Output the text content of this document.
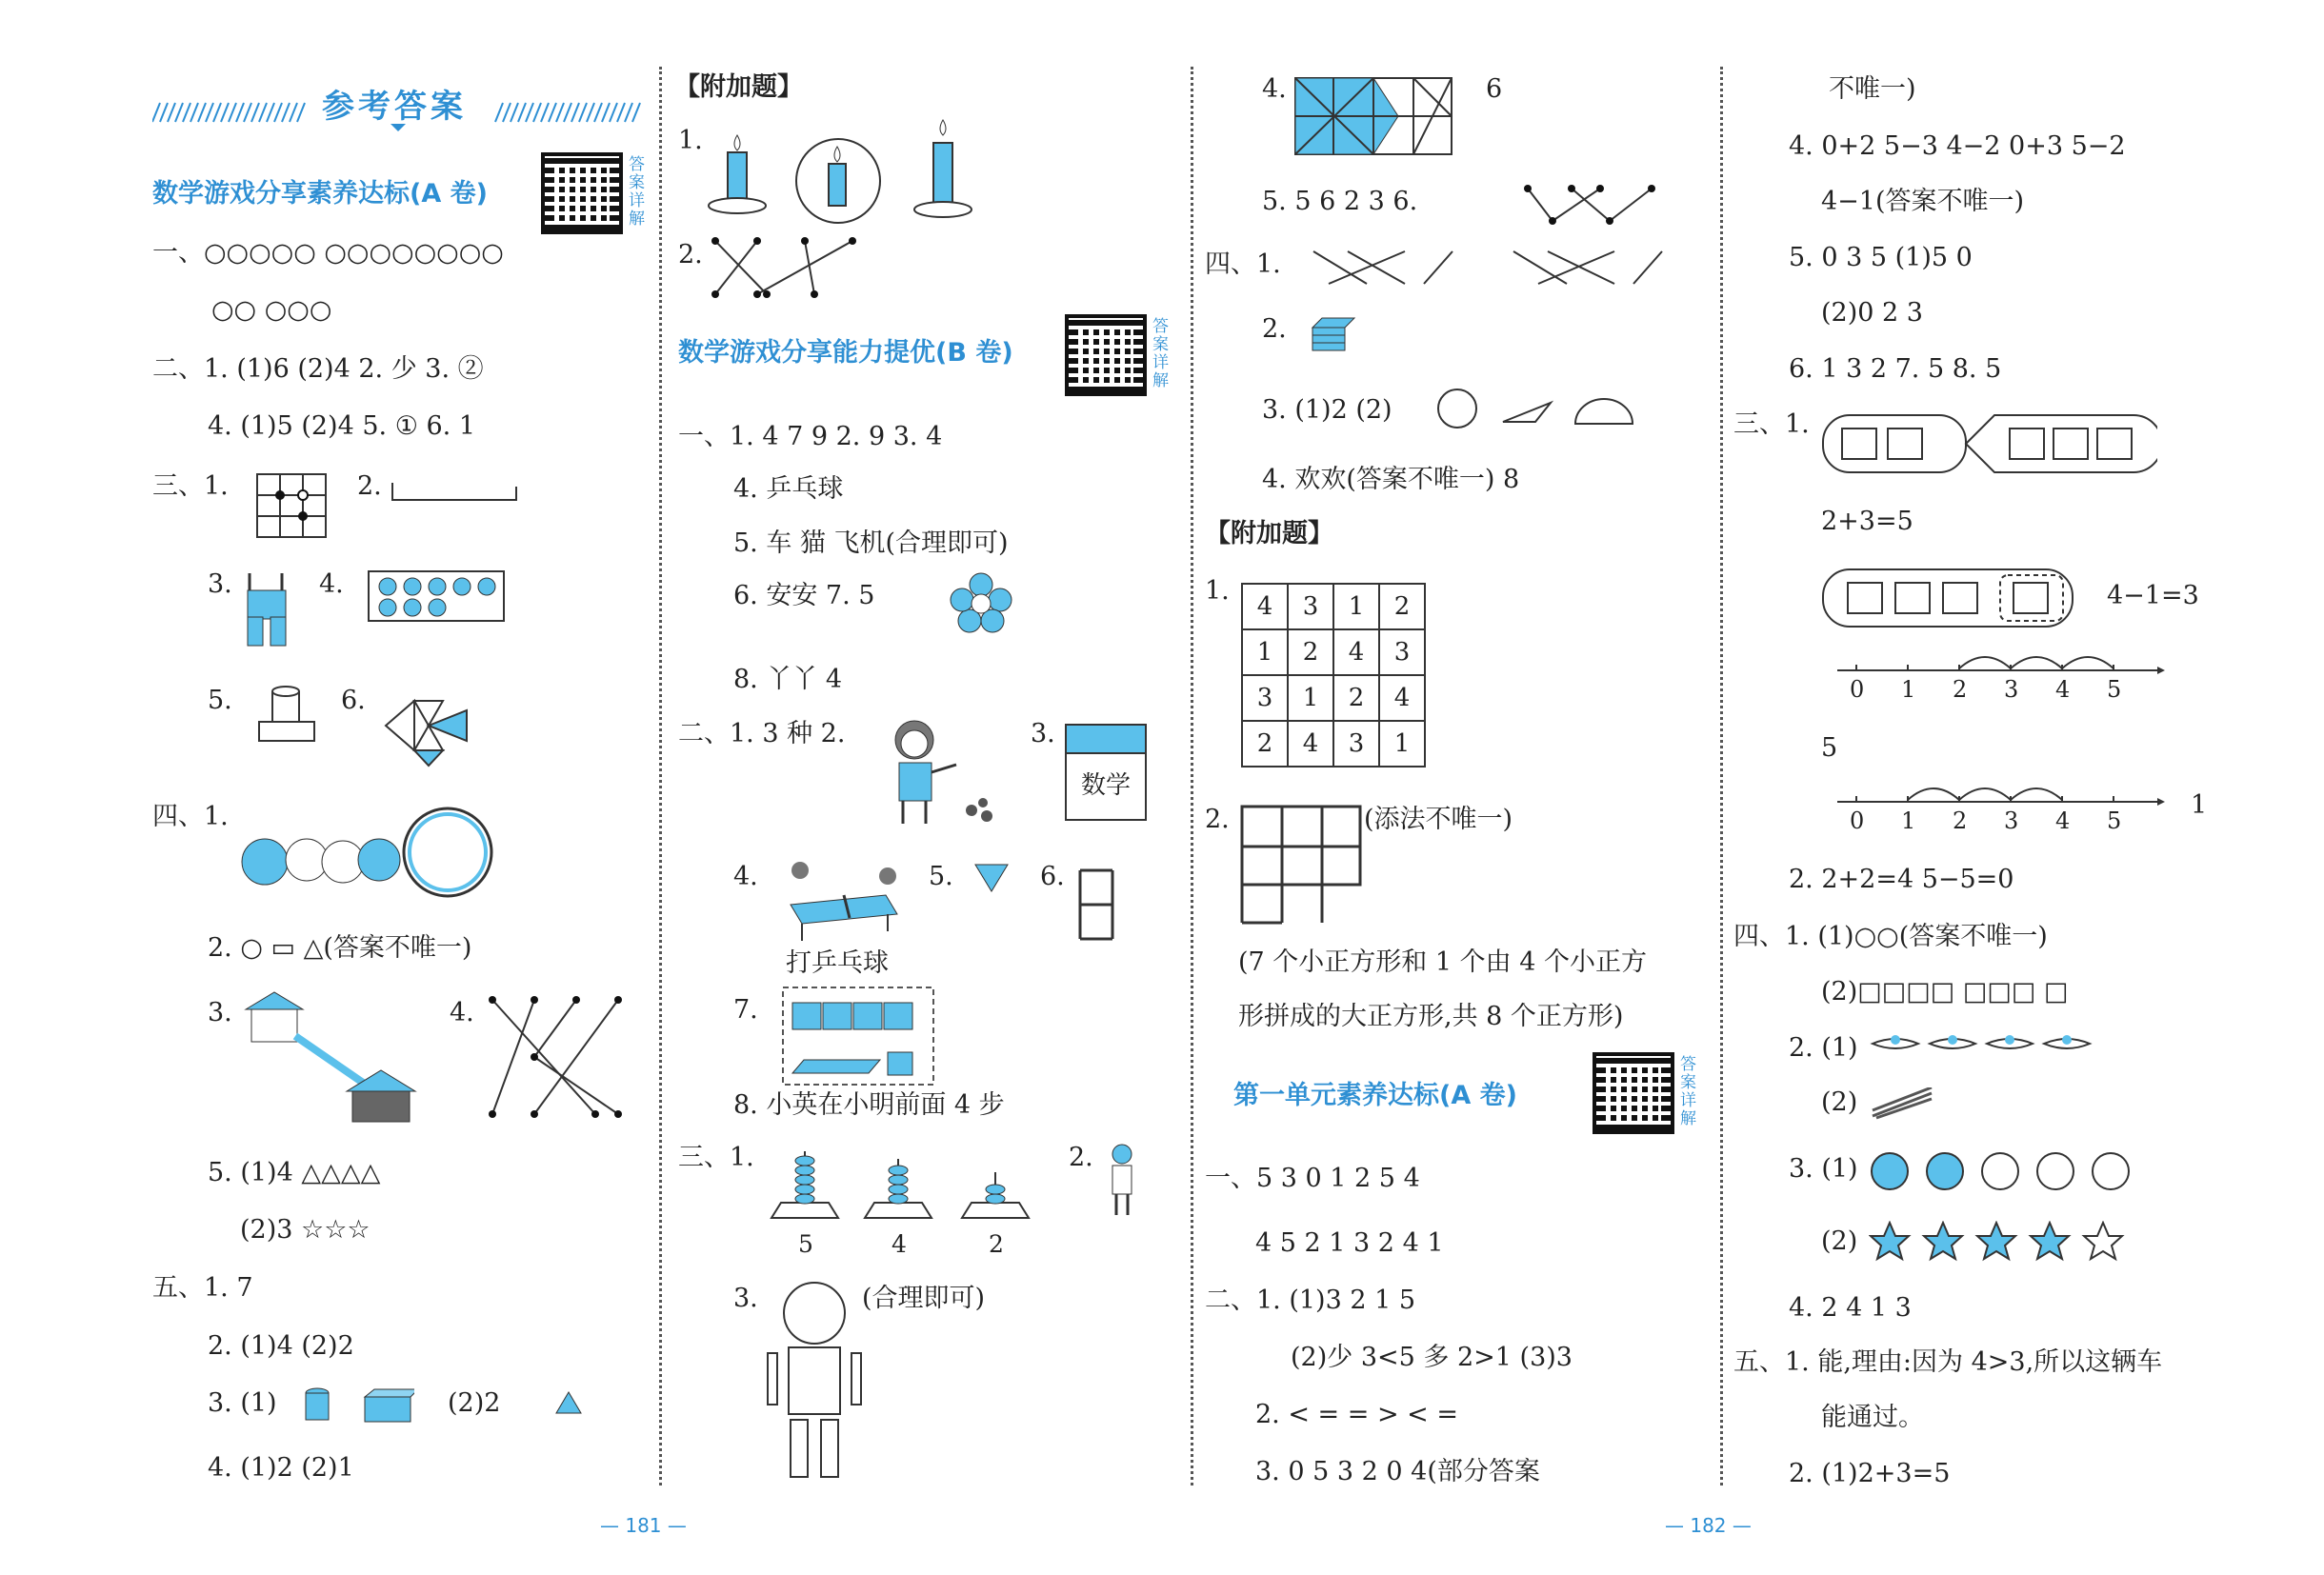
参考答案
数学游戏分享素养达标(A 卷)
答案详解
一、○○○○○ ○○○○○○○○
○○ ○○○
二、1. (1)6 (2)4 2. 少 3. ②
4. (1)5 (2)4 5. ① 6. 1
三、1.	2.
3.	4.
5.	6.
四、1.
2. ○ ▭ △(答案不唯一)
3.	4.
5. (1)4 △△△△
(2)3 ☆☆☆
五、1. 7
2. (1)4 (2)2
3. (1)	(2)2
4. (1)2 (2)1
【附加题】
1.
2.
数学游戏分享能力提优(B 卷)
答案详解
一、1. 4 7 9 2. 9 3. 4
4. 乒乓球
5. 车 猫 飞机(合理即可)
6. 安安 7. 5
8. 丫丫 4
二、1. 3 种 2.	3.
数学
4.
打乒乓球
5.	6.
7.
8. 小英在小明前面 4 步
三、1.
5	4	2
2.
3.	(合理即可)
4.	6
5. 5 6 2 3 6.
四、1.
2.
3. (1)2 (2)
4. 欢欢(答案不唯一) 8
【附加题】
1.
4	3	1	2
1	2	4	3
3	1	2	4
2	4	3	1
2.	(添法不唯一)
(7 个小正方形和 1 个由 4 个小正方
形拼成的大正方形,共 8 个正方形)
第一单元素养达标(A 卷)
答案详解
一、5 3 0 1 2 5 4
4 5 2 1 3 2 4 1
二、1. (1)3 2 1 5
(2)少 3<5 多 2>1 (3)3
2. < = = > < =
3. 0 5 3 2 0 4(部分答案
不唯一)
4. 0+2 5−3 4−2 0+3 5−2
4−1(答案不唯一)
5. 0 3 5 (1)5 0
(2)0 2 3
6. 1 3 2 7. 5 8. 5
三、1.
2+3=5
4−1=3
0 1 2 3 4 5
5
0 1 2 3 4 5
1
2. 2+2=4 5−5=0
四、1. (1)○○(答案不唯一)
(2)□□□□ □□□ □
2. (1)
(2)
3. (1)
(2)
4. 2 4 1 3
五、1. 能,理由:因为 4>3,所以这辆车
能通过。
2. (1)2+3=5
— 181 —	— 182 —
